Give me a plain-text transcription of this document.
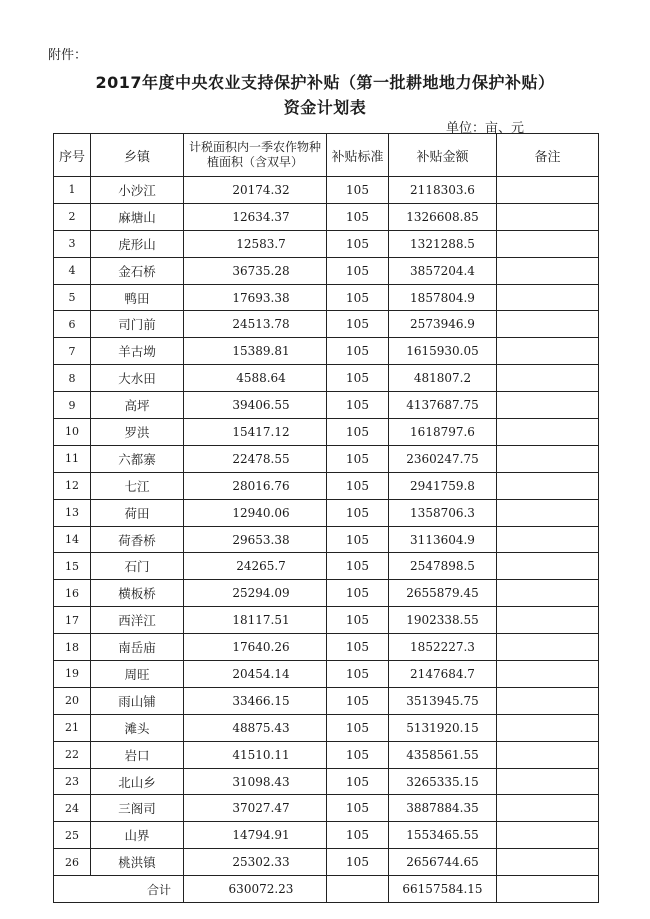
附件：
2017年度中央农业支持保护补贴（第一批耕地地力保护补贴）
资金计划表
单位：亩、元
序号	乡镇	计税面积内一季农作物种植面积（含双早）	补贴标准	补贴金额	备注
1	小沙江	20174.32	105	2118303.6	
2	麻塘山	12634.37	105	1326608.85	
3	虎形山	12583.7	105	1321288.5	
4	金石桥	36735.28	105	3857204.4	
5	鸭田	17693.38	105	1857804.9	
6	司门前	24513.78	105	2573946.9	
7	羊古坳	15389.81	105	1615930.05	
8	大水田	4588.64	105	481807.2	
9	高坪	39406.55	105	4137687.75	
10	罗洪	15417.12	105	1618797.6	
11	六都寨	22478.55	105	2360247.75	
12	七江	28016.76	105	2941759.8	
13	荷田	12940.06	105	1358706.3	
14	荷香桥	29653.38	105	3113604.9	
15	石门	24265.7	105	2547898.5	
16	横板桥	25294.09	105	2655879.45	
17	西洋江	18117.51	105	1902338.55	
18	南岳庙	17640.26	105	1852227.3	
19	周旺	20454.14	105	2147684.7	
20	雨山铺	33466.15	105	3513945.75	
21	滩头	48875.43	105	5131920.15	
22	岩口	41510.11	105	4358561.55	
23	北山乡	31098.43	105	3265335.15	
24	三阁司	37027.47	105	3887884.35	
25	山界	14794.91	105	1553465.55	
26	桃洪镇	25302.33	105	2656744.65	
合计		630072.23		66157584.15	
